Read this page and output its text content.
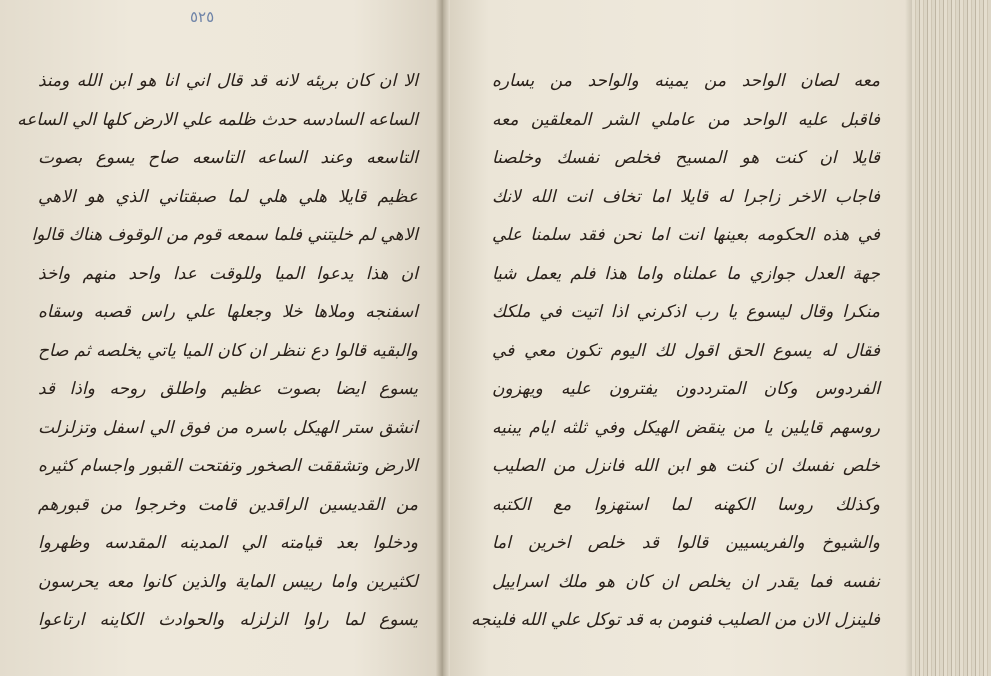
٥٢٥
الا ان كان بريئه لانه قد قال اني انا هو ابن الله ومنذ
الساعه السادسه حدث ظلمه علي الارض كلها الي الساعه
التاسعه وعند الساعه التاسعه صاح يسوع بصوت
عظيم قايلا هلي هلي لما صبقتاني الذي هو الاهي
الاهي لم خليتني فلما سمعه قوم من الوقوف هناك قالوا
ان هذا يدعوا الميا وللوقت عدا واحد منهم واخذ
اسفنجه وملاها خلا وجعلها علي راس قصبه وسقاه
والبقيه قالوا دع ننظر ان كان الميا ياتي يخلصه ثم صاح
يسوع ايضا بصوت عظيم واطلق روحه واذا قد
انشق ستر الهيكل باسره من فوق الي اسفل وتزلزلت
الارض وتشققت الصخور وتفتحت القبور واجسام كثيره
من القديسين الراقدين قامت وخرجوا من قبورهم
ودخلوا بعد قيامته الي المدينه المقدسه وظهروا
لكثيرين واما رييس الماية والذين كانوا معه يحرسون
يسوع لما راوا الزلزله والحوادث الكاينه ارتاعوا
معه لصان الواحد من يمينه والواحد من يساره
فاقبل عليه الواحد من عاملي الشر المعلقين معه
قايلا ان كنت هو المسيح فخلص نفسك وخلصنا
فاجاب الاخر زاجرا له قايلا اما تخاف انت الله لانك
في هذه الحكومه بعينها انت اما نحن فقد سلمنا علي
جهة العدل جوازي ما عملناه واما هذا فلم يعمل شيا
منكرا وقال ليسوع يا رب اذكرني اذا اتيت في ملكك
فقال له يسوع الحق اقول لك اليوم تكون معي في
الفردوس وكان المترددون يفترون عليه ويهزون
روسهم قايلين يا من ينقض الهيكل وفي ثلثه ايام يبنيه
خلص نفسك ان كنت هو ابن الله فانزل من الصليب
وكذلك روسا الكهنه لما استهزوا مع الكتبه
والشيوخ والفريسيين قالوا قد خلص اخرين اما
نفسه فما يقدر ان يخلص ان كان هو ملك اسراييل
فلينزل الان من الصليب فنومن به قد توكل علي الله فلينجه
